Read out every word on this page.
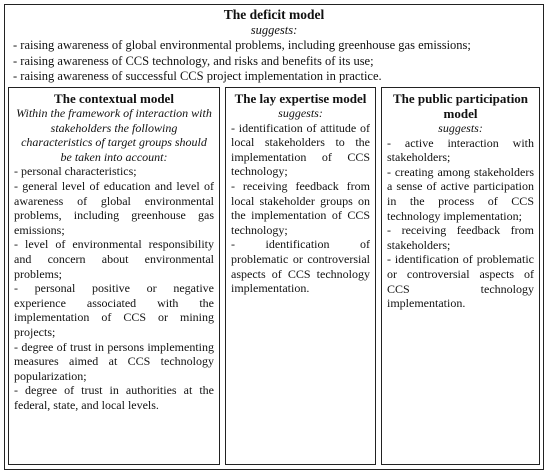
The deficit model
suggests:
- raising awareness of global environmental problems, including greenhouse gas emissions;
- raising awareness of CCS technology, and risks and benefits of its use;
- raising awareness of successful CCS project implementation in practice.
The contextual model
Within the framework of interaction with stakeholders the following characteristics of target groups should be taken into account:
- personal characteristics;
- general level of education and level of awareness of global environmental problems, including greenhouse gas emissions;
- level of environmental responsibility and concern about environmental problems;
- personal positive or negative experience associated with the implementation of CCS or mining projects;
- degree of trust in persons implementing measures aimed at CCS technology popularization;
- degree of trust in authorities at the federal, state, and local levels.
The lay expertise model
suggests:
- identification of attitude of local stakeholders to the implementation of CCS technology;
- receiving feedback from local stakeholder groups on the implementation of CCS technology;
- identification of problematic or controversial aspects of CCS technology implementation.
The public participation model
suggests:
- active interaction with stakeholders;
- creating among stakeholders a sense of active participation in the process of CCS technology implementation;
- receiving feedback from stakeholders;
- identification of problematic or controversial aspects of CCS technology implementation.
